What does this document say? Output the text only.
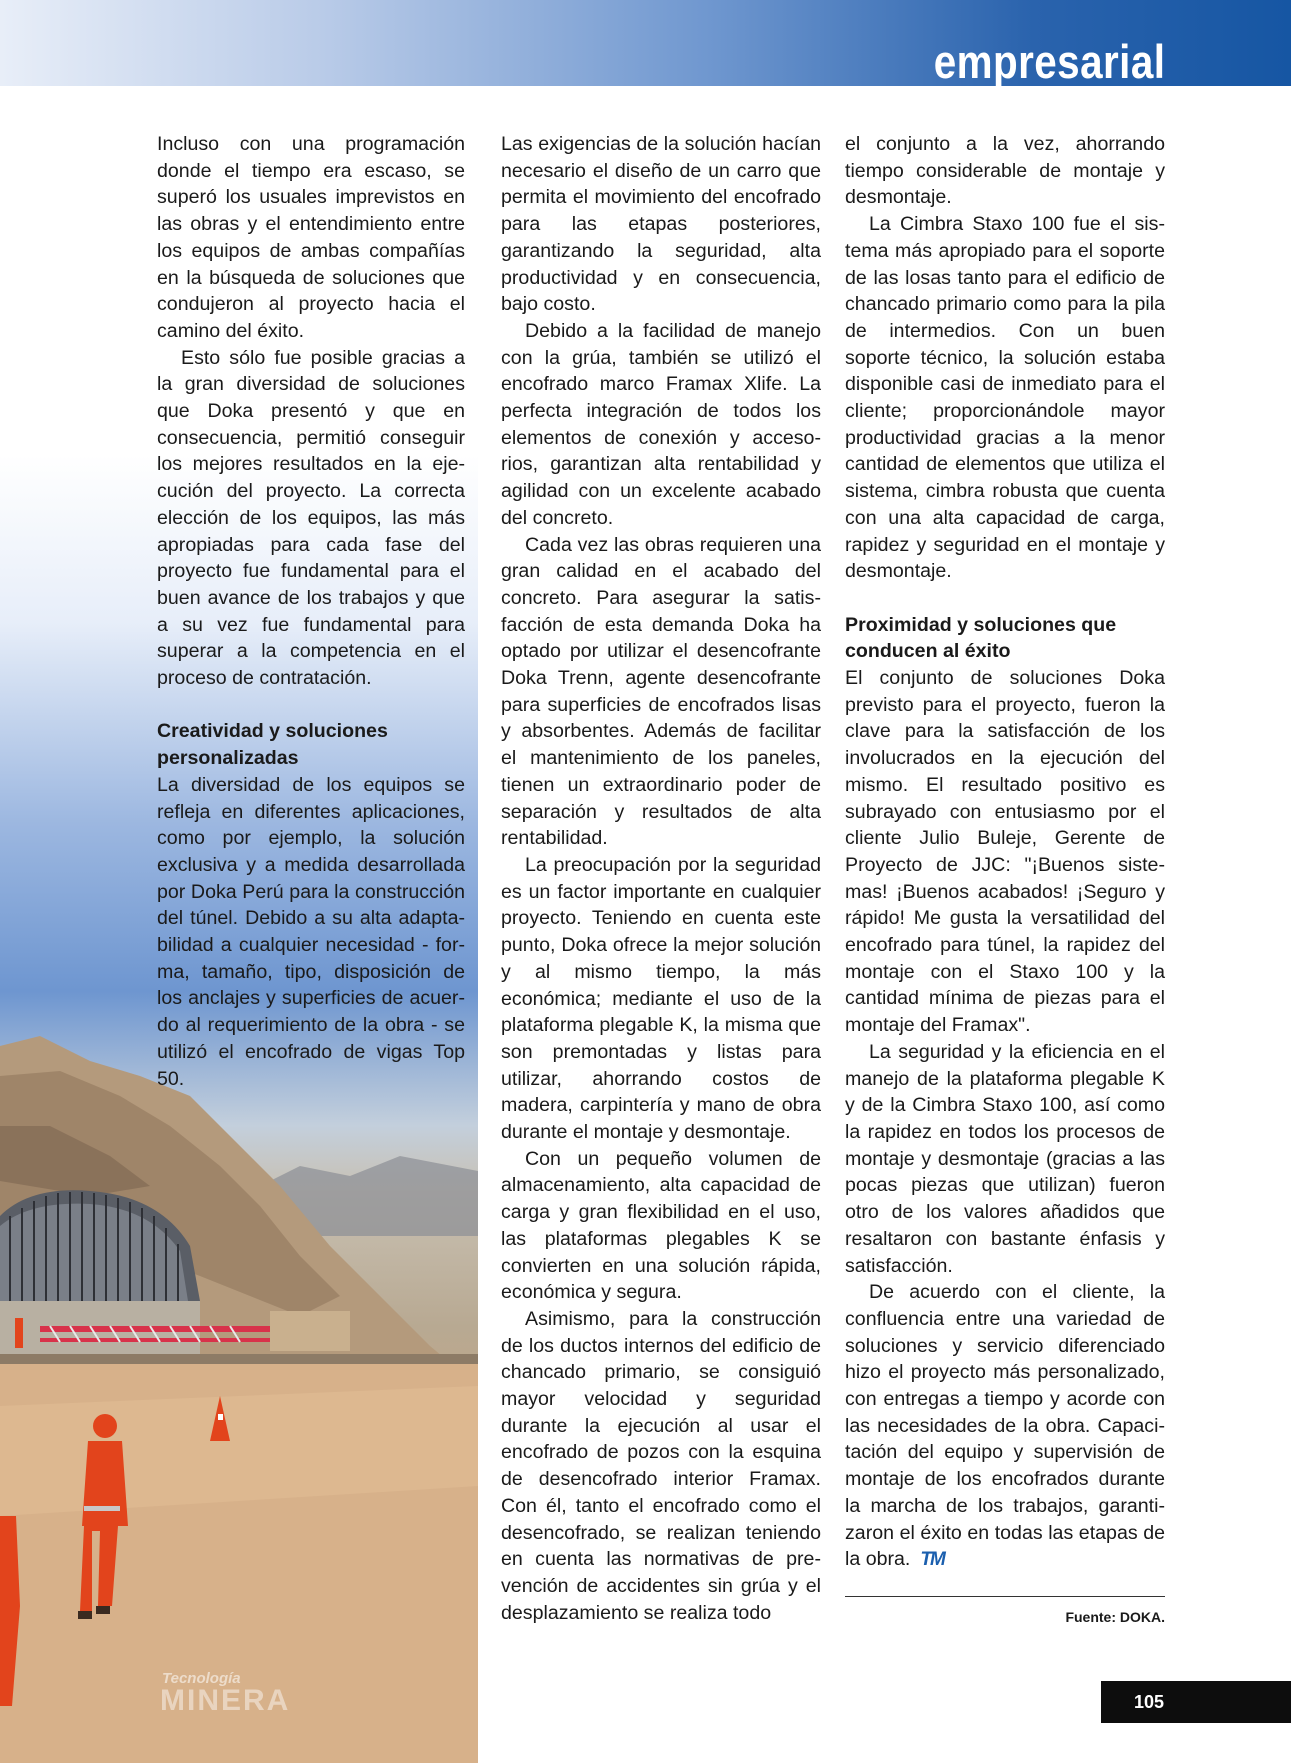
empresarial
Tecnología
MINERA

Incluso con una programación donde el tiempo era escaso, se superó los usuales imprevistos en las obras y el entendimiento entre los equipos de ambas compañías en la búsqueda de soluciones que condujeron al proyecto hacia el camino del éxito.

Esto sólo fue posible gracias a la gran diversidad de soluciones que Doka presentó y que en consecuencia, permitió conseguir los mejores resultados en la ejecución del proyecto. La correcta elección de los equipos, las más apropiadas para cada fase del proyecto fue fundamental para el buen avance de los trabajos y que a su vez fue fundamental para superar a la competencia en el proceso de contratación.

Creatividad y soluciones personalizadas

La diversidad de los equipos se refleja en diferentes aplicaciones, como por ejemplo, la solución exclusiva y a medida desarrollada por Doka Perú para la construcción del túnel. Debido a su alta adaptabilidad a cualquier necesidad - forma, tamaño, tipo, disposición de los anclajes y superficies de acuerdo al requerimiento de la obra - se utilizó el encofrado de vigas Top 50.

Las exigencias de la solución hacían necesario el diseño de un carro que permita el movimiento del encofrado para las etapas posteriores, garantizando la seguridad, alta productividad y en consecuencia, bajo costo.

Debido a la facilidad de manejo con la grúa, también se utilizó el encofrado marco Framax Xlife. La perfecta integración de todos los elementos de conexión y accesorios, garantizan alta rentabilidad y agilidad con un excelente acabado del concreto.

Cada vez las obras requieren una gran calidad en el acabado del concreto. Para asegurar la satisfacción de esta demanda Doka ha optado por utilizar el desencofrante Doka Trenn, agente desencofrante para superficies de encofrados lisas y absorbentes. Además de facilitar el mantenimiento de los paneles, tienen un extraordinario poder de separación y resultados de alta rentabilidad.

La preocupación por la seguridad es un factor importante en cualquier proyecto. Teniendo en cuenta este punto, Doka ofrece la mejor solución y al mismo tiempo, la más económica; mediante el uso de la plataforma plegable K, la misma que son premontadas y listas para utilizar, ahorrando costos de madera, carpintería y mano de obra durante el montaje y desmontaje.

Con un pequeño volumen de almacenamiento, alta capacidad de carga y gran flexibilidad en el uso, las plataformas plegables K se convierten en una solución rápida, económica y segura.

Asimismo, para la construcción de los ductos internos del edificio de chancado primario, se consiguió mayor velocidad y seguridad durante la ejecución al usar el encofrado de pozos con la esquina de desencofrado interior Framax. Con él, tanto el encofrado como el desencofrado, se realizan teniendo en cuenta las normativas de prevención de accidentes sin grúa y el desplazamiento se realiza todo

el conjunto a la vez, ahorrando tiempo considerable de montaje y desmontaje.

La Cimbra Staxo 100 fue el sistema más apropiado para el soporte de las losas tanto para el edificio de chancado primario como para la pila de intermedios. Con un buen soporte técnico, la solución estaba disponible casi de inmediato para el cliente; proporcionándole mayor productividad gracias a la menor cantidad de elementos que utiliza el sistema, cimbra robusta que cuenta con una alta capacidad de carga, rapidez y seguridad en el montaje y desmontaje.

Proximidad y soluciones que conducen al éxito

El conjunto de soluciones Doka previsto para el proyecto, fueron la clave para la satisfacción de los involucrados en la ejecución del mismo. El resultado positivo es subrayado con entusiasmo por el cliente Julio Buleje, Gerente de Proyecto de JJC: "¡Buenos sistemas! ¡Buenos acabados! ¡Seguro y rápido! Me gusta la versatilidad del encofrado para túnel, la rapidez del montaje con el Staxo 100 y la cantidad mínima de piezas para el montaje del Framax".

La seguridad y la eficiencia en el manejo de la plataforma plegable K y de la Cimbra Staxo 100, así como la rapidez en todos los procesos de montaje y desmontaje (gracias a las pocas piezas que utilizan) fueron otro de los valores añadidos que resaltaron con bastante énfasis y satisfacción.

De acuerdo con el cliente, la confluencia entre una variedad de soluciones y servicio diferenciado hizo el proyecto más personalizado, con entregas a tiempo y acorde con las necesidades de la obra. Capacitación del equipo y supervisión de montaje de los encofrados durante la marcha de los trabajos, garantizaron el éxito en todas las etapas de la obra. TM

Fuente: DOKA.
105
